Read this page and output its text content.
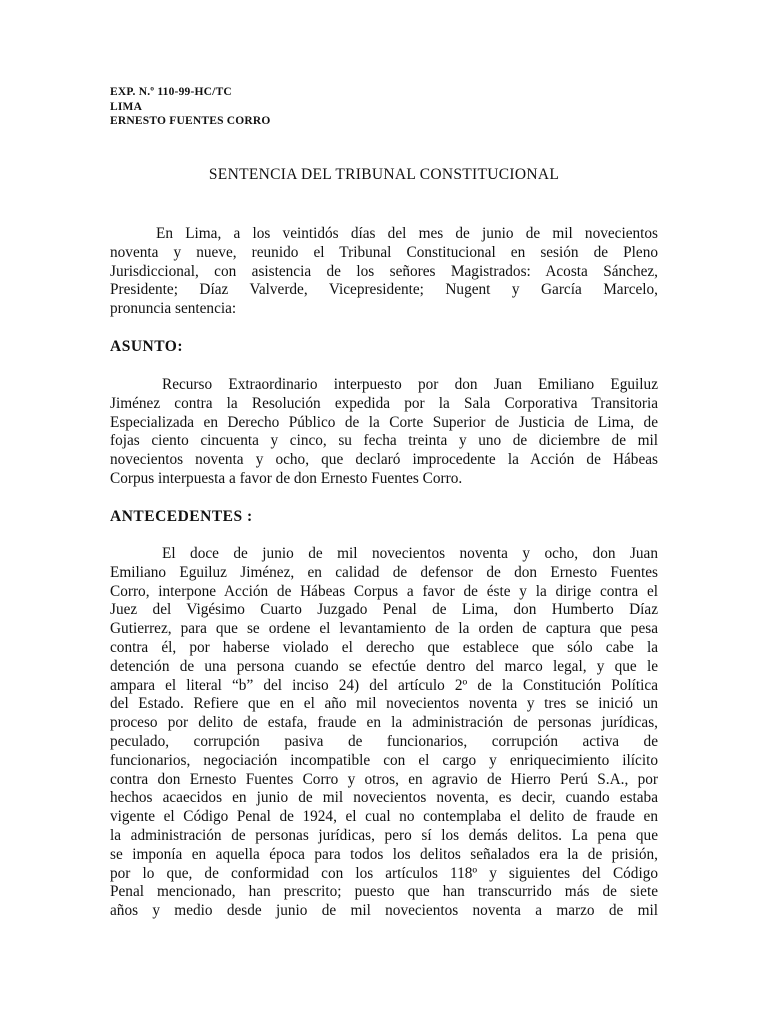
EXP. N.º 110-99-HC/TC
LIMA
ERNESTO FUENTES CORRO
SENTENCIA DEL TRIBUNAL CONSTITUCIONAL
En Lima, a los veintidós días del mes de junio de mil novecientos
noventa y nueve, reunido el Tribunal Constitucional en sesión de Pleno
Jurisdiccional, con asistencia de los señores Magistrados: Acosta Sánchez,
Presidente; Díaz Valverde, Vicepresidente; Nugent y García Marcelo,
pronuncia sentencia:
ASUNTO:
Recurso Extraordinario interpuesto por don Juan Emiliano Eguiluz
Jiménez contra la Resolución expedida por la Sala Corporativa Transitoria
Especializada en Derecho Público de la Corte Superior de Justicia de Lima, de
fojas ciento cincuenta y cinco, su fecha treinta y uno de diciembre de mil
novecientos noventa y ocho, que declaró improcedente la Acción de Hábeas
Corpus interpuesta a favor de don Ernesto Fuentes Corro.
ANTECEDENTES :
El doce de junio de mil novecientos noventa y ocho, don Juan
Emiliano Eguiluz Jiménez, en calidad de defensor de don Ernesto Fuentes
Corro, interpone Acción de Hábeas Corpus a favor de éste y la dirige contra el
Juez del Vigésimo Cuarto Juzgado Penal de Lima, don Humberto Díaz
Gutierrez, para que se ordene el levantamiento de la orden de captura que pesa
contra él, por haberse violado el derecho que establece que sólo cabe la
detención de una persona cuando se efectúe dentro del marco legal, y que le
ampara el literal “b” del inciso 24) del artículo 2º de la Constitución Política
del Estado. Refiere que en el año mil novecientos noventa y tres se inició un
proceso por delito de estafa, fraude en la administración de personas jurídicas,
peculado, corrupción pasiva de funcionarios, corrupción activa de
funcionarios, negociación incompatible con el cargo y enriquecimiento ilícito
contra don Ernesto Fuentes Corro y otros, en agravio de Hierro Perú S.A., por
hechos acaecidos en junio de mil novecientos noventa, es decir, cuando estaba
vigente el Código Penal de 1924, el cual no contemplaba el delito de fraude en
la administración de personas jurídicas, pero sí los demás delitos. La pena que
se imponía en aquella época para todos los delitos señalados era la de prisión,
por lo que, de conformidad con los artículos 118º y siguientes del Código
Penal mencionado, han prescrito; puesto que han transcurrido más de siete
años y medio desde junio de mil novecientos noventa a marzo de mil
